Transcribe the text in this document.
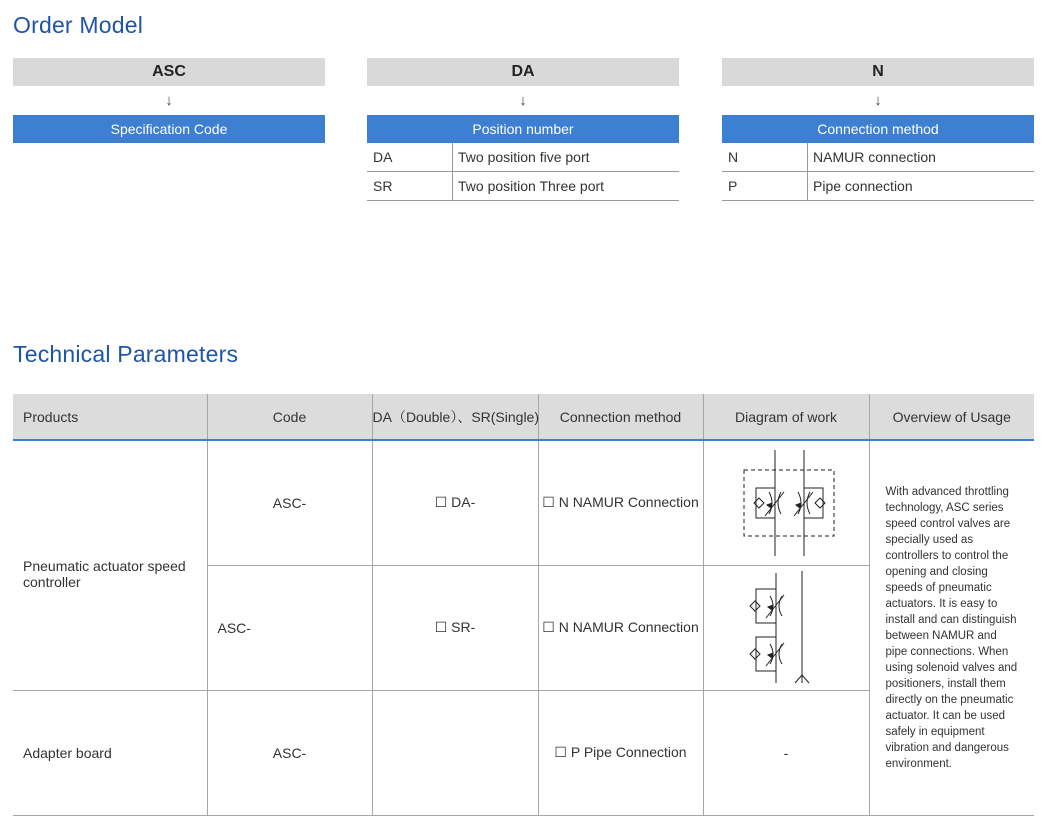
Order Model
ASC
↓
Specification Code
DA
↓
Position number
DA	Two position five port
SR	Two position Three port
N
↓
Connection method
N	NAMUR connection
P	Pipe connection
Technical Parameters
Products	Code	DA（Double）、SR(Single)	Connection method	Diagram of work	Overview of Usage
Pneumatic actuator speed controller	ASC-	☐ DA-	☐ N NAMUR Connection		With advanced throttling technology, ASC series speed control valves are specially used as controllers to control the opening and closing speeds of pneumatic actuators. It is easy to install and can distinguish between NAMUR and pipe connections. When using solenoid valves and positioners, install them directly on the pneumatic actuator. It can be used safely in equipment vibration and dangerous environment.
	ASC-	☐ SR-	☐ N NAMUR Connection	

Adapter board	ASC-		☐ P Pipe Connection	-	
